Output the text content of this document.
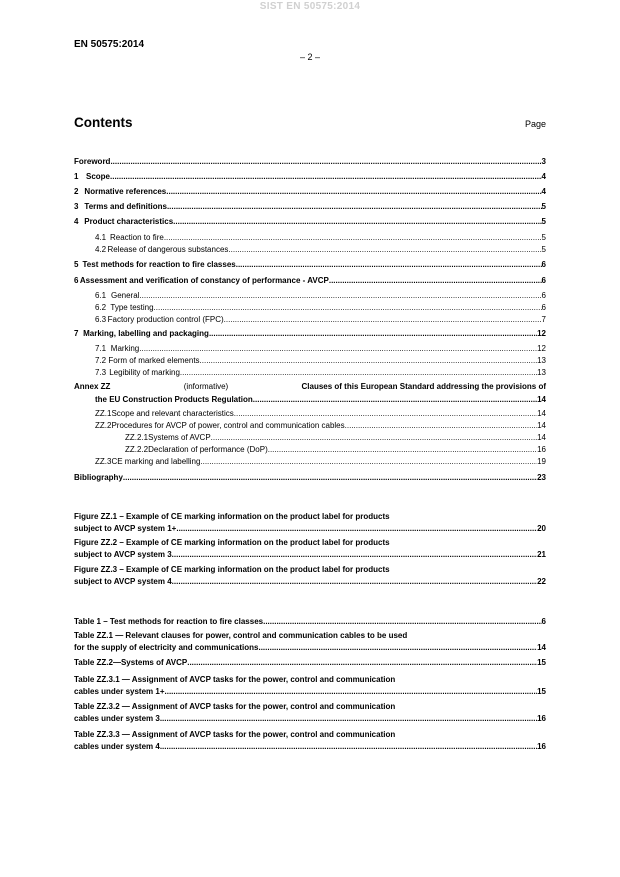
SIST EN 50575:2014
EN 50575:2014
– 2 –
Contents	Page
Foreword .....	3
1 Scope .....	4
2 Normative references .....	4
3 Terms and definitions .....	5
4 Product characteristics .....	5
4.1 Reaction to fire .....	5
4.2 Release of dangerous substances .....	5
5 Test methods for reaction to fire classes .....	6
6 Assessment and verification of constancy of performance - AVCP .....	6
6.1 General .....	6
6.2 Type testing .....	6
6.3 Factory production control (FPC) .....	7
7 Marking, labelling and packaging .....	12
7.1 Marking .....	12
7.2 Form of marked elements .....	13
7.3 Legibility of marking .....	13
Annex ZZ	(informative)	Clauses of this European Standard addressing the provisions of
the EU Construction Products Regulation .....	14
ZZ.1 Scope and relevant characteristics .....	14
ZZ.2 Procedures for AVCP of power, control and communication cables .....	14
ZZ.2.1 Systems of AVCP .....	14
ZZ.2.2 Declaration of performance (DoP) .....	16
ZZ.3 CE marking and labelling .....	19
Bibliography .....	23
Figure ZZ.1 – Example of CE marking information on the product label for products
subject to AVCP system 1+ .....	20
Figure ZZ.2 – Example of CE marking information on the product label for products
subject to AVCP system 3 .....	21
Figure ZZ.3 – Example of CE marking information on the product label for products
subject to AVCP system 4 .....	22
Table 1 – Test methods for reaction to fire classes .....	6
Table ZZ.1 — Relevant clauses for power, control and communication cables to be used
for the supply of electricity and communications .....	14
Table ZZ.2—Systems of AVCP .....	15
Table ZZ.3.1 — Assignment of AVCP tasks for the power, control and communication
cables under system 1+ .....	15
Table ZZ.3.2 — Assignment of AVCP tasks for the power, control and communication
cables under system 3 .....	16
Table ZZ.3.3 — Assignment of AVCP tasks for the power, control and communication
cables under system 4 .....	16
